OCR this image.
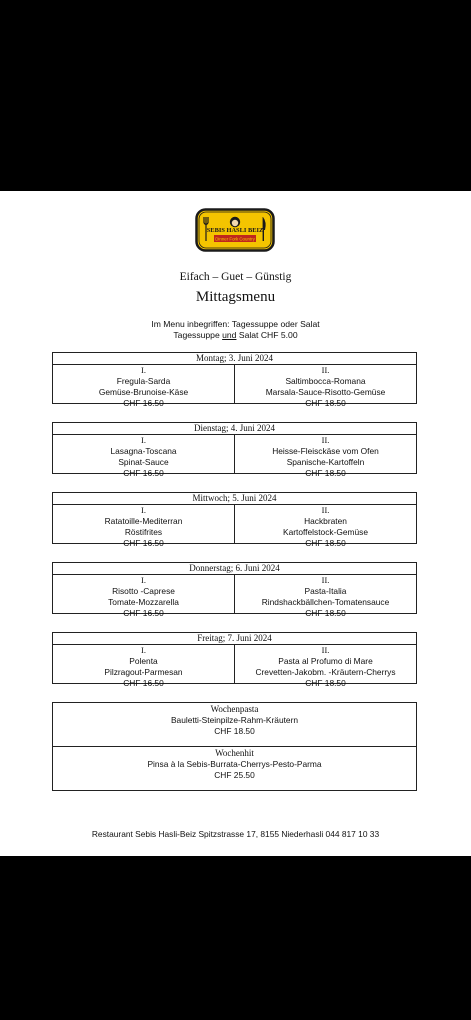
SEBIS HASLI BEIZ
Dinner Fork Country
Eifach – Guet – Günstig
Mittagsmenu
Im Menu inbegriffen: Tagessuppe oder Salat
Tagessuppe und Salat CHF 5.00
Montag; 3. Juni 2024
I.
Fregula-Sarda
Gemüse-Brunoise-Käse
CHF 16.50
II.
Saltimbocca-Romana
Marsala-Sauce-Risotto-Gemüse
CHF 18.50
Dienstag; 4. Juni 2024
I.
Lasagna-Toscana
Spinat-Sauce
CHF 16.50
II.
Heisse-Fleisckäse vom Ofen
Spanische-Kartoffeln
CHF 18.50
Mittwoch; 5. Juni 2024
I.
Ratatoille-Mediterran
Röstifrites
CHF 16.50
II.
Hackbraten
Kartoffelstock-Gemüse
CHF 18.50
Donnerstag; 6. Juni 2024
I.
Risotto -Caprese
Tomate-Mozzarella
CHF 16.50
II.
Pasta-Italia
Rindshackbällchen-Tomatensauce
CHF 18.50
Freitag; 7. Juni 2024
I.
Polenta
Pilzragout-Parmesan
CHF 16.50
II.
Pasta al Profumo di Mare
Crevetten-Jakobm. -Kräutern-Cherrys
CHF 18.50
Wochenpasta
Bauletti-Steinpilze-Rahm-Kräutern
CHF 18.50
Wochenhit
Pinsa à la Sebis-Burrata-Cherrys-Pesto-Parma
CHF 25.50
Restaurant Sebis Hasli-Beiz Spitzstrasse 17, 8155 Niederhasli 044 817 10 33
